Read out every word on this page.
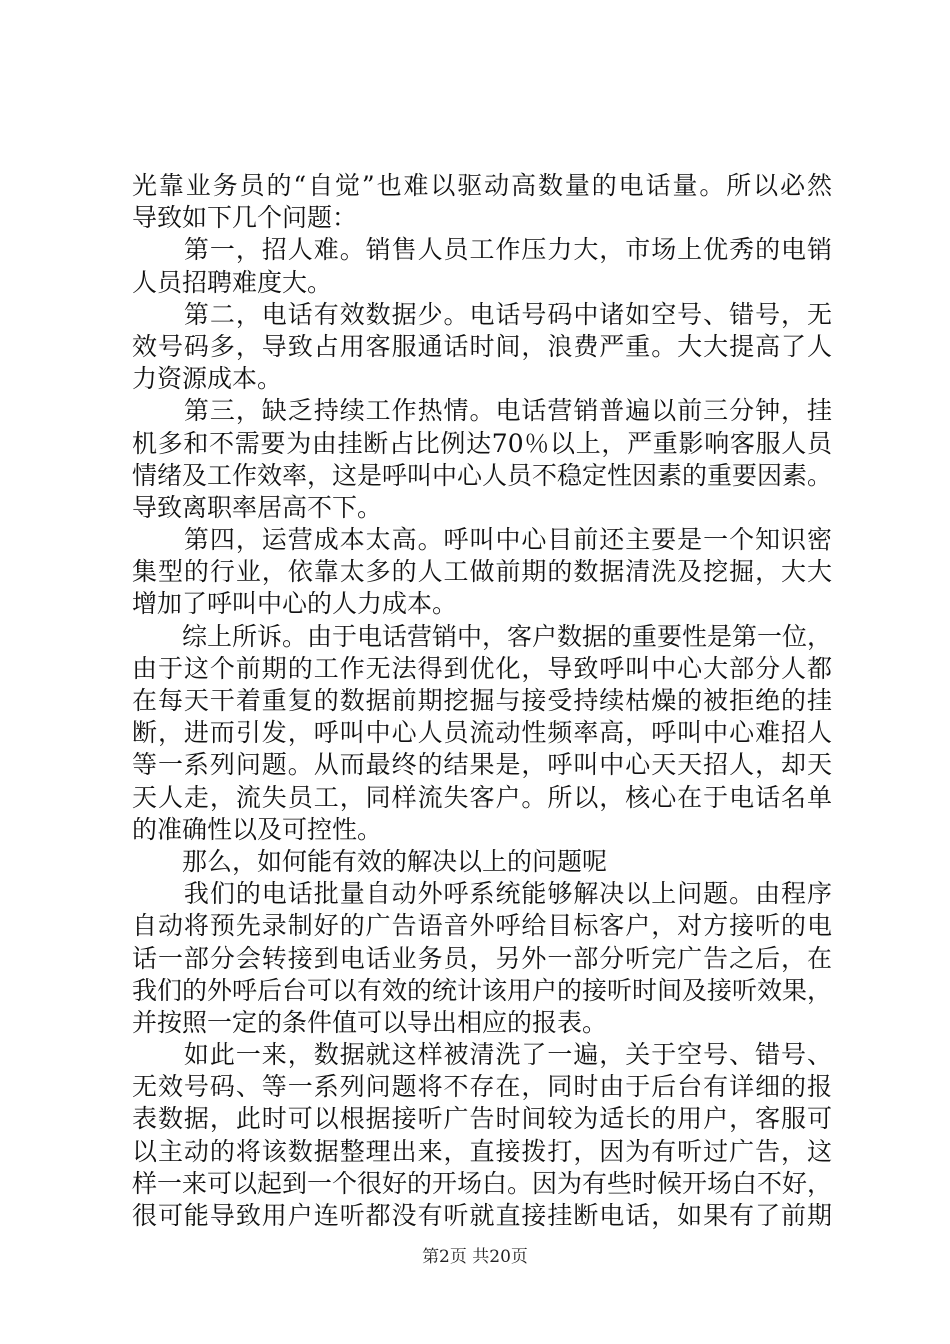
光靠业务员的“自觉”也难以驱动高数量的电话量。所以必然
导致如下几个问题：
　　第一，招人难。销售人员工作压力大，市场上优秀的电销
人员招聘难度大。
　　第二，电话有效数据少。电话号码中诸如空号、错号，无
效号码多，导致占用客服通话时间，浪费严重。大大提高了人
力资源成本。
　　第三，缺乏持续工作热情。电话营销普遍以前三分钟，挂
机多和不需要为由挂断占比例达70％以上，严重影响客服人员
情绪及工作效率，这是呼叫中心人员不稳定性因素的重要因素。
导致离职率居高不下。
　　第四，运营成本太高。呼叫中心目前还主要是一个知识密
集型的行业，依靠太多的人工做前期的数据清洗及挖掘，大大
增加了呼叫中心的人力成本。
　　综上所诉。由于电话营销中，客户数据的重要性是第一位，
由于这个前期的工作无法得到优化，导致呼叫中心大部分人都
在每天干着重复的数据前期挖掘与接受持续枯燥的被拒绝的挂
断，进而引发，呼叫中心人员流动性频率高，呼叫中心难招人
等一系列问题。从而最终的结果是，呼叫中心天天招人，却天
天人走，流失员工，同样流失客户。所以，核心在于电话名单
的准确性以及可控性。
　　那么，如何能有效的解决以上的问题呢
　　我们的电话批量自动外呼系统能够解决以上问题。由程序
自动将预先录制好的广告语音外呼给目标客户，对方接听的电
话一部分会转接到电话业务员，另外一部分听完广告之后，在
我们的外呼后台可以有效的统计该用户的接听时间及接听效果，
并按照一定的条件值可以导出相应的报表。
　　如此一来，数据就这样被清洗了一遍，关于空号、错号、
无效号码、等一系列问题将不存在，同时由于后台有详细的报
表数据，此时可以根据接听广告时间较为适长的用户，客服可
以主动的将该数据整理出来，直接拨打，因为有听过广告，这
样一来可以起到一个很好的开场白。因为有些时候开场白不好，
很可能导致用户连听都没有听就直接挂断电话，如果有了前期
第2页 共20页
